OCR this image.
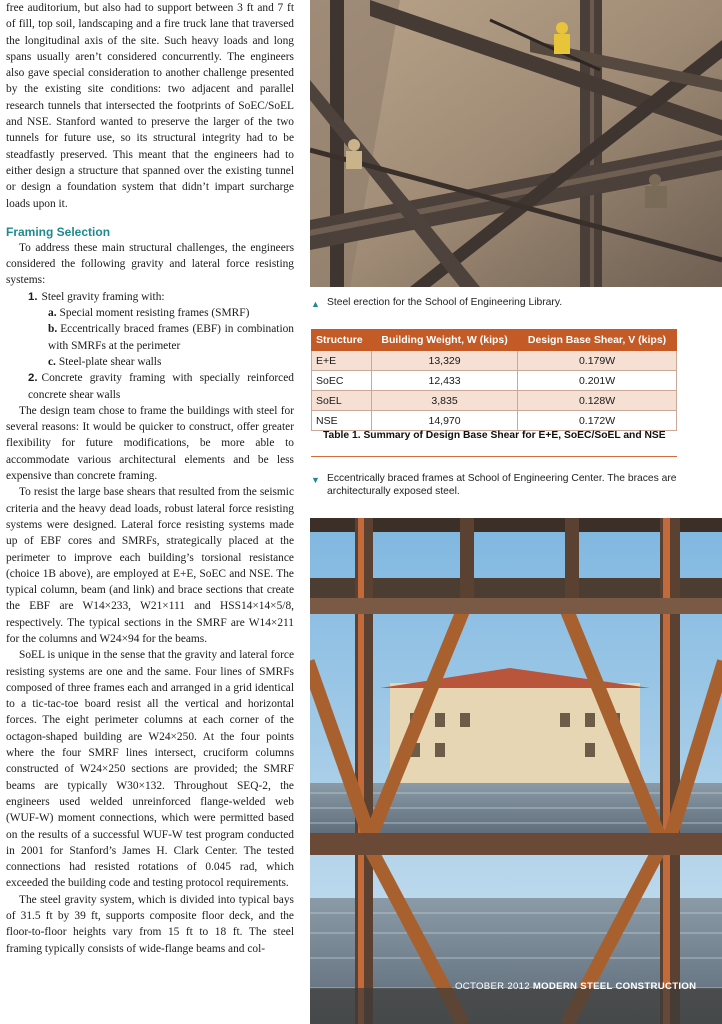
free auditorium, but also had to support between 3 ft and 7 ft of fill, top soil, landscaping and a fire truck lane that traversed the longitudinal axis of the site. Such heavy loads and long spans usually aren’t considered concurrently. The engineers also gave special consideration to another challenge presented by the existing site conditions: two adjacent and parallel research tunnels that intersected the footprints of SoEC/SoEL and NSE. Stanford wanted to preserve the larger of the two tunnels for future use, so its structural integrity had to be steadfastly preserved. This meant that the engineers had to either design a structure that spanned over the existing tunnel or design a foundation system that didn’t impart surcharge loads upon it.

Framing Selection

To address these main structural challenges, the engineers considered the following gravity and lateral force resisting systems:

1. Steel gravity framing with:
a. Special moment resisting frames (SMRF)
b. Eccentrically braced frames (EBF) in combination with SMRFs at the perimeter
c. Steel-plate shear walls
2. Concrete gravity framing with specially reinforced concrete shear walls

The design team chose to frame the buildings with steel for several reasons: It would be quicker to construct, offer greater flexibility for future modifications, be more able to accommodate various architectural elements and be less expensive than concrete framing.

To resist the large base shears that resulted from the seismic criteria and the heavy dead loads, robust lateral force resisting systems were designed. Lateral force resisting systems made up of EBF cores and SMRFs, strategically placed at the perimeter to improve each building’s torsional resistance (choice 1B above), are employed at E+E, SoEC and NSE. The typical column, beam (and link) and brace sections that create the EBF are W14×233, W21×111 and HSS14×14×5/8, respectively. The typical sections in the SMRF are W14×211 for the columns and W24×94 for the beams.

SoEL is unique in the sense that the gravity and lateral force resisting systems are one and the same. Four lines of SMRFs composed of three frames each and arranged in a grid identical to a tic-tac-toe board resist all the vertical and horizontal forces. The eight perimeter columns at each corner of the octagon-shaped building are W24×250. At the four points where the four SMRF lines intersect, cruciform columns constructed of W24×250 sections are provided; the SMRF beams are typically W30×132. Throughout SEQ-2, the engineers used welded unreinforced flange-welded web (WUF-W) moment connections, which were permitted based on the results of a successful WUF-W test program conducted in 2001 for Stanford’s James H. Clark Center. The tested connections had resisted rotations of 0.045 rad, which exceeded the building code and testing protocol requirements.

The steel gravity system, which is divided into typical bays of 31.5 ft by 39 ft, supports composite floor deck, and the floor-to-floor heights vary from 15 ft to 18 ft. The steel framing typically consists of wide-flange beams and col-

▲ Steel erection for the School of Engineering Library.
Structure	Building Weight, W (kips)	Design Base Shear, V (kips)
E+E	13,329	0.179W
SoEC	12,433	0.201W
SoEL	3,835	0.128W
NSE	14,970	0.172W
Table 1. Summary of Design Base Shear for E+E, SoEC/SoEL and NSE
▼ Eccentrically braced frames at School of Engineering Center. The braces are architecturally exposed steel.
OCTOBER 2012 MODERN STEEL CONSTRUCTION
